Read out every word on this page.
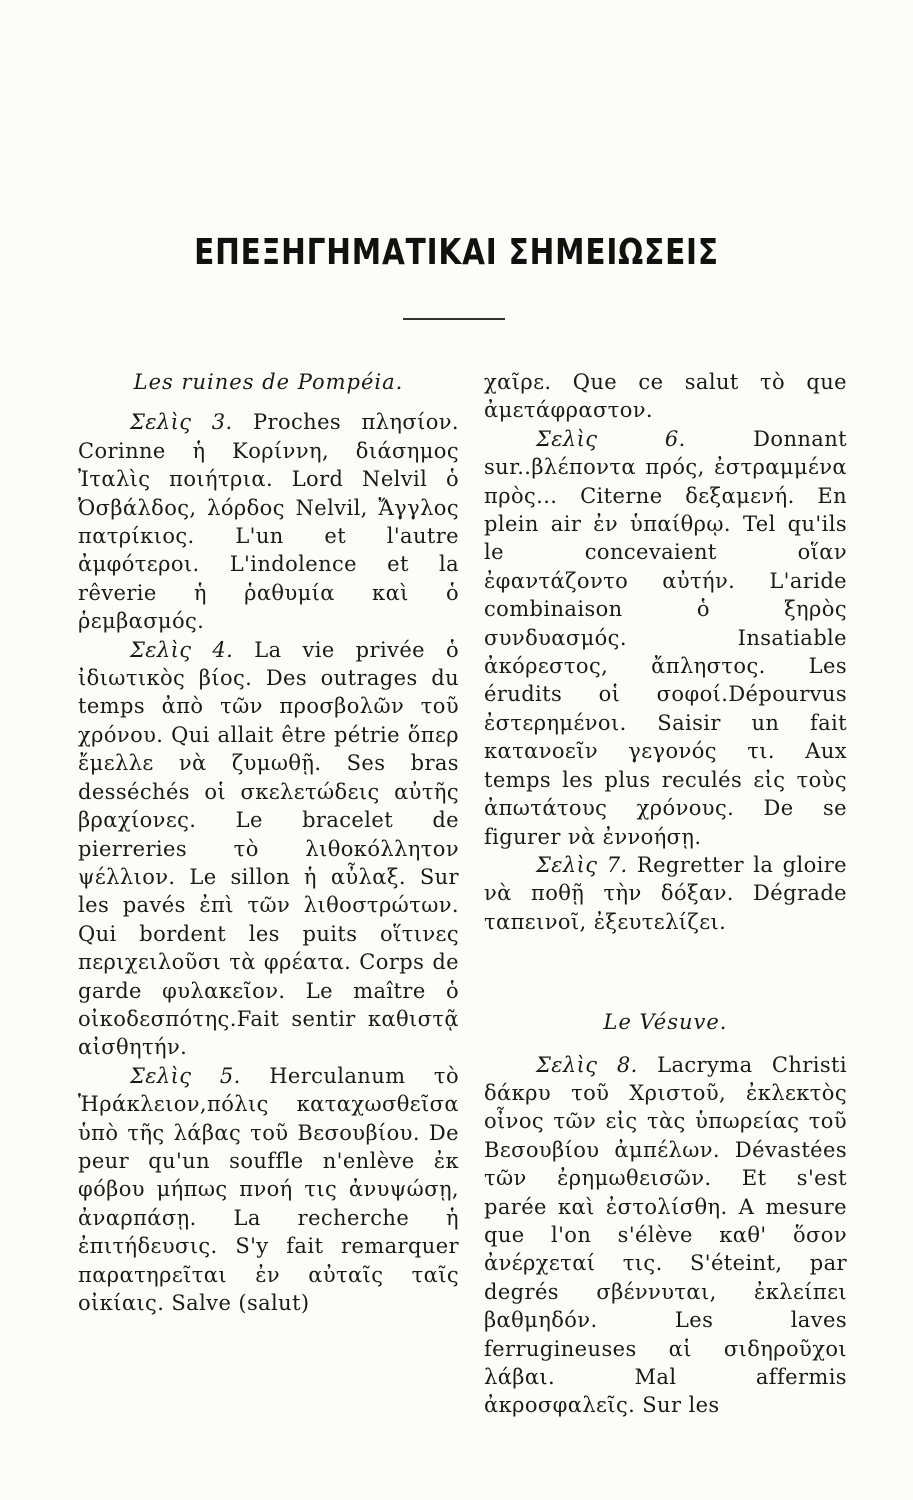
ΕΠΕΞΗΓΗΜΑΤΙΚΑΙ ΣΗΜΕΙΩΣΕΙΣ
Les ruines de Pompéia.

Σελὶς 3. Proches πλησίον. Corinne ἡ Κορίννη, διάσημος Ἰταλὶς ποιήτρια. Lord Nelvil ὁ Ὀσβάλδος, λόρδος Nelvil, Ἄγγλος πατρίκιος. L'un et l'autre ἀμφότεροι. L'indolence et la rêverie ἡ ῥαθυμία καὶ ὁ ῥεμβασμός.

Σελὶς 4. La vie privée ὁ ἰδιωτικὸς βίος. Des outrages du temps ἀπὸ τῶν προσβολῶν τοῦ χρόνου. Qui allait être pétrie ὅπερ ἔμελλε νὰ ζυμωθῇ. Ses bras desséchés οἱ σκελετώδεις αὐτῆς βραχίονες. Le bracelet de pierreries τὸ λιθοκόλλητον ψέλλιον. Le sillon ἡ αὖλαξ. Sur les pavés ἐπὶ τῶν λιθοστρώτων. Qui bordent les puits οἵτινες περιχειλοῦσι τὰ φρέατα. Corps de garde φυλακεῖον. Le maître ὁ οἰκοδεσπότης.Fait sentir καθιστᾷ αἰσθητήν.

Σελὶς 5. Herculanum τὸ Ἡράκλειον,πόλις καταχωσθεῖσα ὑπὸ τῆς λάβας τοῦ Βεσουβίου. De peur qu'un souffle n'enlève ἐκ φόβου μήπως πνοή τις ἀνυψώσῃ, ἀναρπάσῃ. La recherche ἡ ἐπιτήδευσις. S'y fait remarquer παρατηρεῖται ἐν αὐταῖς ταῖς οἰκίαις. Salve (salut)

χαῖρε. Que ce salut τὸ que ἀμετάφραστον.

Σελὶς 6.	Donnant sur..βλέποντα πρός, ἐστραμμένα πρὸς... Citerne δεξαμενή. En plein air ἐν ὑπαίθρῳ. Tel qu'ils le concevaient οἵαν ἐφαντάζοντο αὐτήν. L'aride combinaison ὁ ξηρὸς συνδυασμός. Insatiable ἀκόρεστος, ἄπληστος. Les érudits οἱ σοφοί.Dépourvus ἐστερημένοι. Saisir un fait κατανοεῖν γεγονός τι. Aux temps les plus reculés εἰς τοὺς ἀπωτάτους χρόνους. De se figurer νὰ ἐννοήσῃ.

Σελὶς 7. Regretter la gloire νὰ ποθῇ τὴν δόξαν. Dégrade ταπεινοῖ, ἐξευτελίζει.

Le Vésuve.

Σελὶς 8. Lacryma Christi δάκρυ τοῦ Χριστοῦ, ἐκλεκτὸς οἶνος τῶν εἰς τὰς ὑπωρείας τοῦ Βεσουβίου ἀμπέλων. Dévastées τῶν ἐρημωθεισῶν. Et s'est parée καὶ ἐστολίσθη. A mesure que l'on s'élève καθ' ὅσον ἀνέρχεταί τις. S'éteint, par degrés σβέννυται, ἐκλείπει βαθμηδόν. Les laves ferrugineuses αἱ σιδηροῦχοι λάβαι. Mal affermis ἀκροσφαλεῖς. Sur les
